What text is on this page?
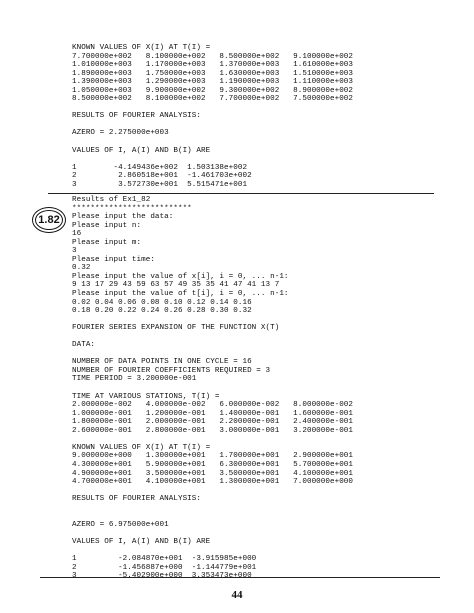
KNOWN VALUES OF X(I) AT T(I) =
7.700000e+002   8.100000e+002   8.500000e+002   9.100000e+002
1.010000e+003   1.170000e+003   1.370000e+003   1.610000e+003
1.890000e+003   1.750000e+003   1.630000e+003   1.510000e+003
1.390000e+003   1.290000e+003   1.190000e+003   1.110000e+003
1.050000e+003   9.900000e+002   9.300000e+002   8.900000e+002
8.500000e+002   8.100000e+002   7.700000e+002   7.500000e+002

RESULTS OF FOURIER ANALYSIS:

AZERO = 2.275000e+003

VALUES OF I, A(I) AND B(I) ARE

1        -4.149436e+002  1.503138e+002
2         2.860518e+001  -1.461703e+002
3         3.572730e+001  5.515471e+001
1.82
Results of Ex1_82
**************************
Please input the data:
Please input n:
16
Please input m:
3
Please input time:
0.32
Please input the value of x[i], i = 0, ... n-1:
9 13 17 29 43 59 63 57 49 35 35 41 47 41 13 7
Please input the value of t[i], i = 0, ... n-1:
0.02 0.04 0.06 0.08 0.10 0.12 0.14 0.16
0.18 0.20 0.22 0.24 0.26 0.28 0.30 0.32

FOURIER SERIES EXPANSION OF THE FUNCTION X(T)

DATA:

NUMBER OF DATA POINTS IN ONE CYCLE = 16
NUMBER OF FOURIER COEFFICIENTS REQUIRED = 3
TIME PERIOD = 3.200000e-001

TIME AT VARIOUS STATIONS, T(I) =
2.000000e-002   4.000000e-002   6.000000e-002   8.000000e-002
1.000000e-001   1.200000e-001   1.400000e-001   1.600000e-001
1.800000e-001   2.000000e-001   2.200000e-001   2.400000e-001
2.600000e-001   2.800000e-001   3.000000e-001   3.200000e-001

KNOWN VALUES OF X(I) AT T(I) =
9.000000e+000   1.300000e+001   1.700000e+001   2.900000e+001
4.300000e+001   5.900000e+001   6.300000e+001   5.700000e+001
4.900000e+001   3.500000e+001   3.500000e+001   4.100000e+001
4.700000e+001   4.100000e+001   1.300000e+001   7.000000e+000

RESULTS OF FOURIER ANALYSIS:

AZERO = 6.975000e+001

VALUES OF I, A(I) AND B(I) ARE

1         -2.084870e+001  -3.915985e+000
2         -1.456887e+000  -1.144779e+001
3         -5.402900e+000  3.353473e+000
44
